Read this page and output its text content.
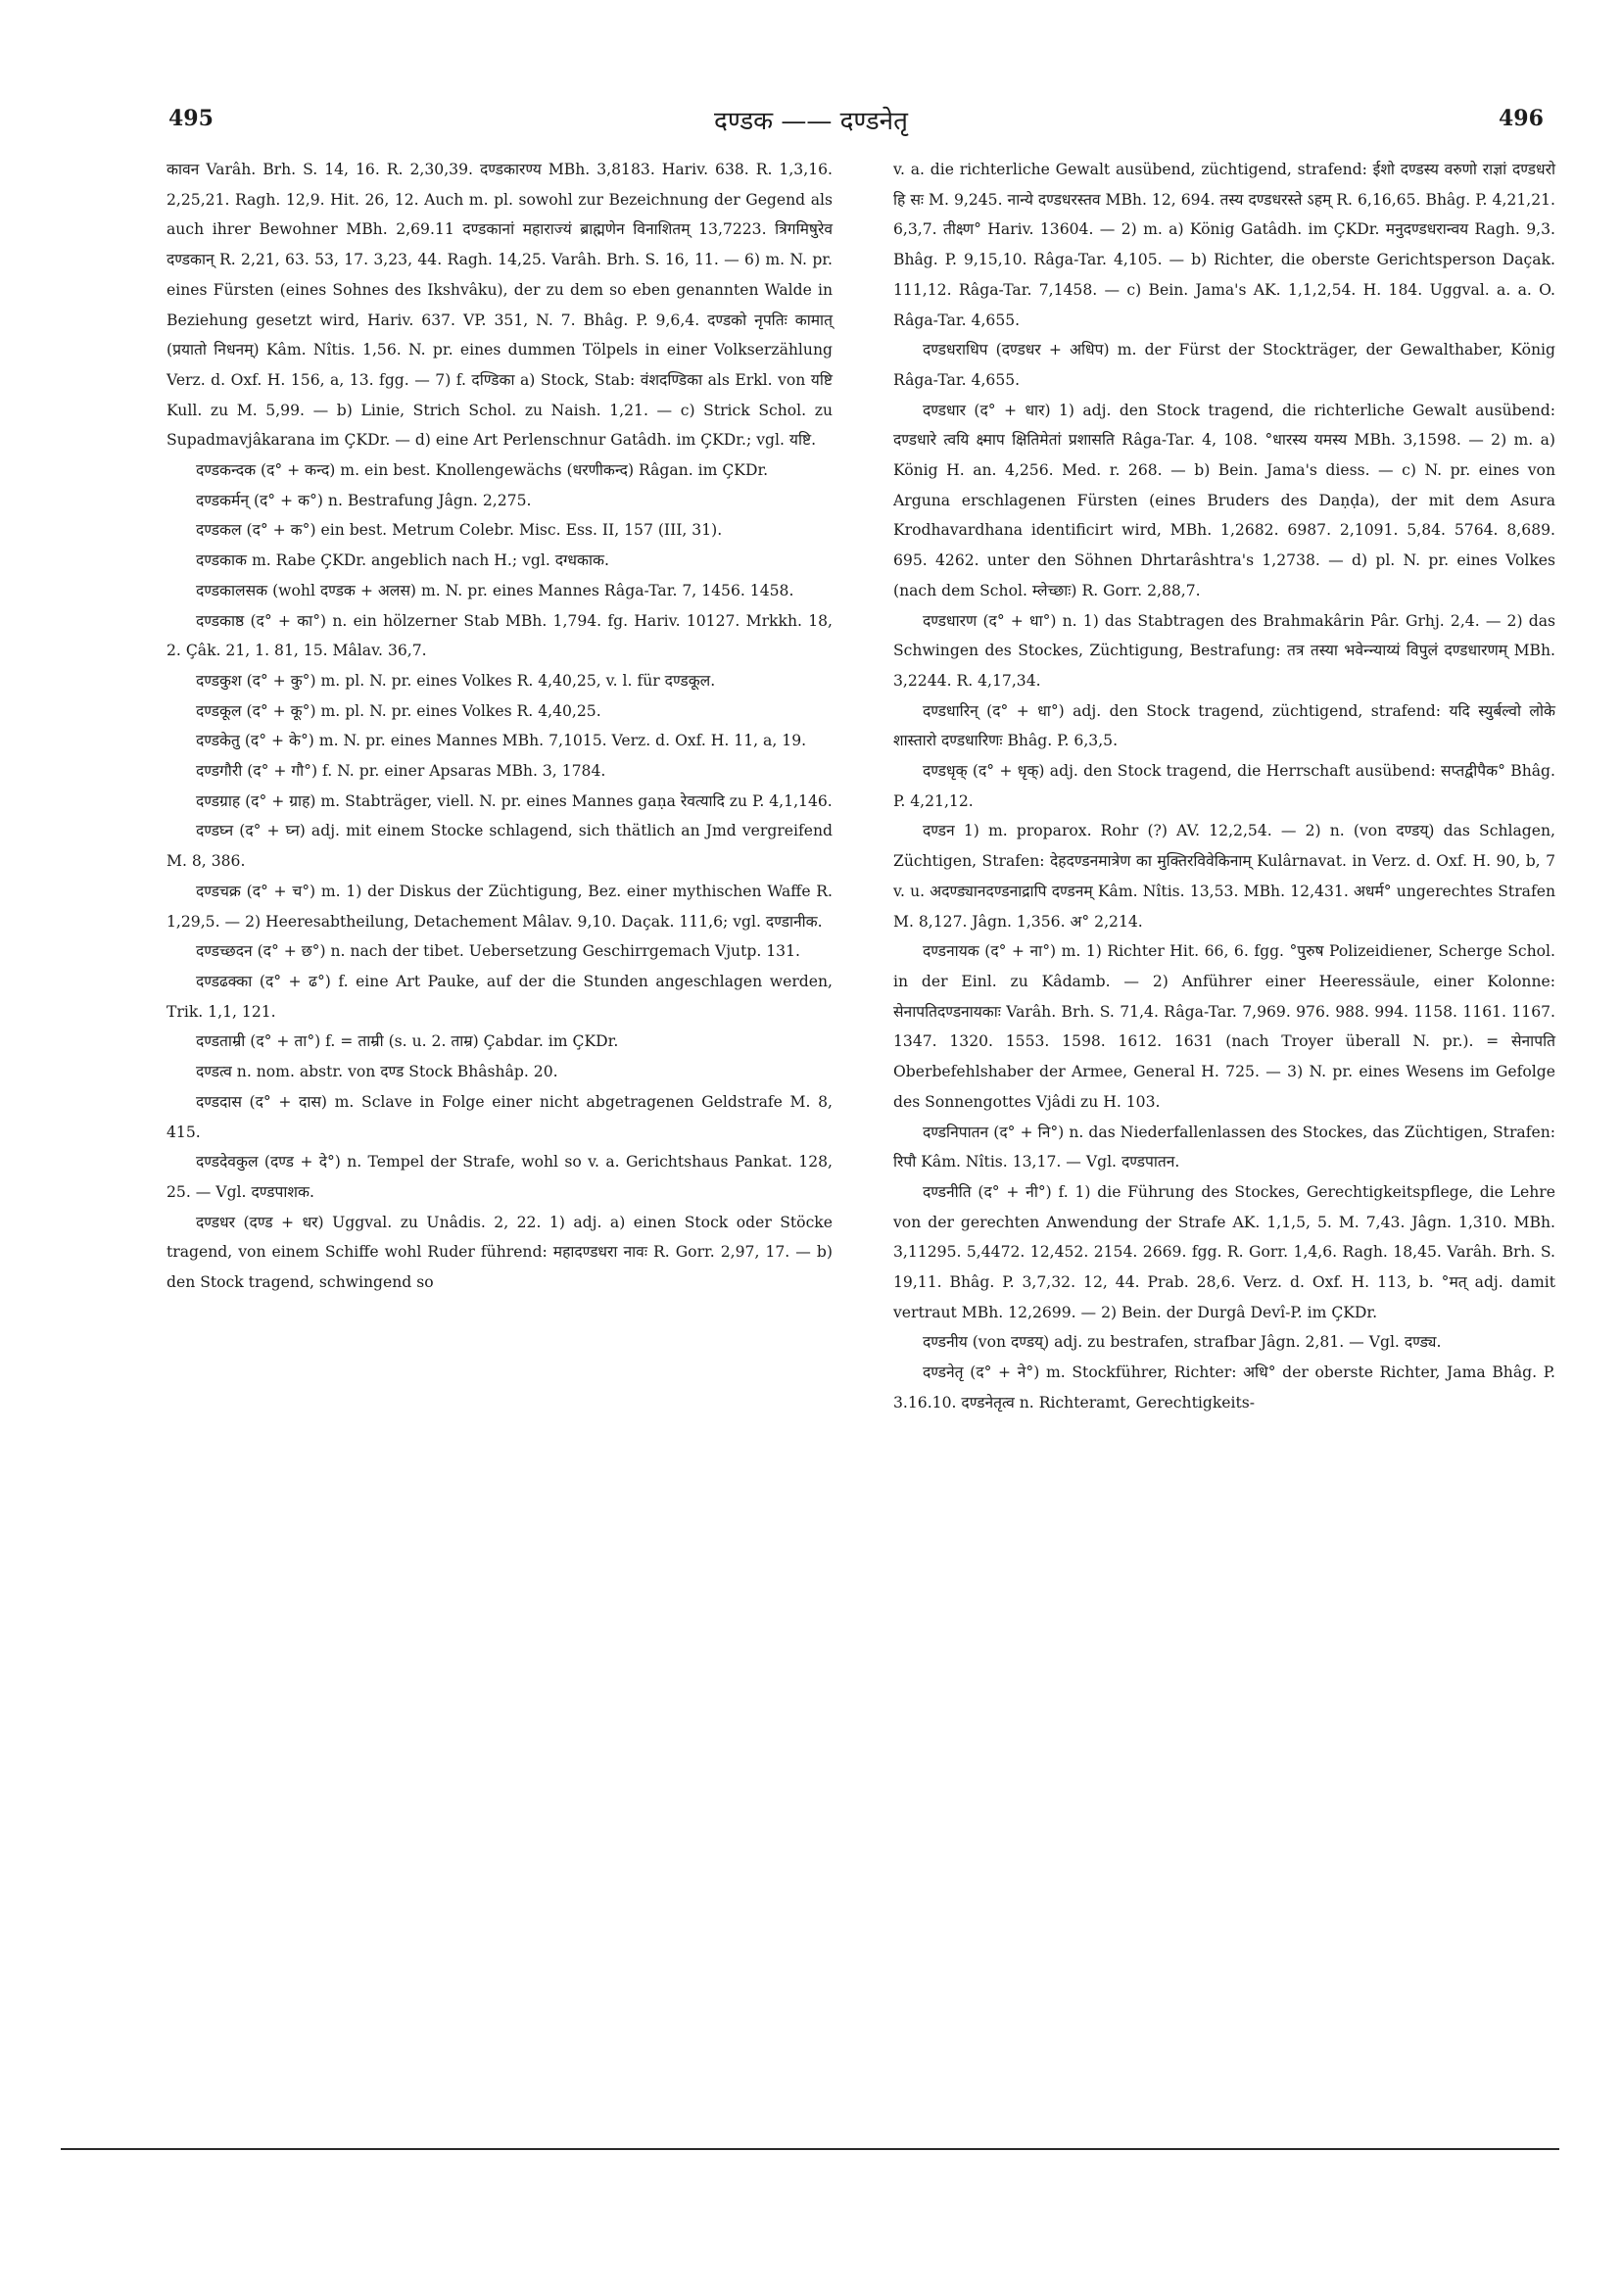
495	दण्डक —— दण्डनेतृ	496

कावन Varâh. Brh. S. 14, 16. R. 2,30,39. दण्डकारण्य MBh. 3,8183. Hariv. 638. R. 1,3,16. 2,25,21. Ragh. 12,9. Hit. 26, 12. Auch m. pl. sowohl zur Bezeichnung der Gegend als auch ihrer Bewohner MBh. 2,69.11 दण्डकानां महाराज्यं ब्राह्मणेन विनाशितम् 13,7223. त्रिगमिषुरेव दण्डकान् R. 2,21, 63. 53, 17. 3,23, 44. Ragh. 14,25. Varâh. Brh. S. 16, 11. — 6) m. N. pr. eines Fürsten (eines Sohnes des Ikshvâku), der zu dem so eben genannten Walde in Beziehung gesetzt wird, Hariv. 637. VP. 351, N. 7. Bhâg. P. 9,6,4. दण्डको नृपतिः कामात् (प्रयातो निधनम्) Kâm. Nîtis. 1,56. N. pr. eines dummen Tölpels in einer Volkserzählung Verz. d. Oxf. H. 156, a, 13. fgg. — 7) f. दण्डिका a) Stock, Stab: वंशदण्डिका als Erkl. von यष्टि Kull. zu M. 5,99. — b) Linie, Strich Schol. zu Naish. 1,21. — c) Strick Schol. zu Supadmavjâkarana im ÇKDr. — d) eine Art Perlenschnur Gatâdh. im ÇKDr.; vgl. यष्टि.

दण्डकन्दक (द° + कन्द) m. ein best. Knollengewächs (धरणीकन्द) Râgan. im ÇKDr.

दण्डकर्मन् (द° + क°) n. Bestrafung Jâgn. 2,275.

दण्डकल (द° + क°) ein best. Metrum Colebr. Misc. Ess. II, 157 (III, 31).

दण्डकाक m. Rabe ÇKDr. angeblich nach H.; vgl. दग्धकाक.

दण्डकालसक (wohl दण्डक + अलस) m. N. pr. eines Mannes Râga-Tar. 7, 1456. 1458.

दण्डकाष्ठ (द° + का°) n. ein hölzerner Stab MBh. 1,794. fg. Hariv. 10127. Mrkkh. 18, 2. Çâk. 21, 1. 81, 15. Mâlav. 36,7.

दण्डकुश (द° + कु°) m. pl. N. pr. eines Volkes R. 4,40,25, v. l. für दण्डकूल.

दण्डकूल (द° + कू°) m. pl. N. pr. eines Volkes R. 4,40,25.

दण्डकेतु (द° + के°) m. N. pr. eines Mannes MBh. 7,1015. Verz. d. Oxf. H. 11, a, 19.

दण्डगौरी (द° + गौ°) f. N. pr. einer Apsaras MBh. 3, 1784.

दण्डग्राह (द° + ग्राह) m. Stabträger, viell. N. pr. eines Mannes gaṇa रेवत्यादि zu P. 4,1,146.

दण्डघ्न (द° + घ्न) adj. mit einem Stocke schlagend, sich thätlich an Jmd vergreifend M. 8, 386.

दण्डचक्र (द° + च°) m. 1) der Diskus der Züchtigung, Bez. einer mythischen Waffe R. 1,29,5. — 2) Heeresabtheilung, Detachement Mâlav. 9,10. Daçak. 111,6; vgl. दण्डानीक.

दण्डच्छदन (द° + छ°) n. nach der tibet. Uebersetzung Geschirrgemach Vjutp. 131.

दण्डढक्का (द° + ढ°) f. eine Art Pauke, auf der die Stunden angeschlagen werden, Trik. 1,1, 121.

दण्डताम्री (द° + ता°) f. = ताम्री (s. u. 2. ताम्र) Çabdar. im ÇKDr.

दण्डत्व n. nom. abstr. von दण्ड Stock Bhâshâp. 20.

दण्डदास (द° + दास) m. Sclave in Folge einer nicht abgetragenen Geldstrafe M. 8, 415.

दण्डदेवकुल (दण्ड + दे°) n. Tempel der Strafe, wohl so v. a. Gerichtshaus Pankat. 128, 25. — Vgl. दण्डपाशक.

दण्डधर (दण्ड + धर) Uggval. zu Unâdis. 2, 22. 1) adj. a) einen Stock oder Stöcke tragend, von einem Schiffe wohl Ruder führend: महादण्डधरा नावः R. Gorr. 2,97, 17. — b) den Stock tragend, schwingend so

v. a. die richterliche Gewalt ausübend, züchtigend, strafend: ईशो दण्डस्य वरुणो राज्ञां दण्डधरो हि सः M. 9,245. नान्ये दण्डधरस्तव MBh. 12, 694. तस्य दण्डधरस्ते ऽहम् R. 6,16,65. Bhâg. P. 4,21,21. 6,3,7. तीक्ष्ण° Hariv. 13604. — 2) m. a) König Gatâdh. im ÇKDr. मनुदण्डधरान्वय Ragh. 9,3. Bhâg. P. 9,15,10. Râga-Tar. 4,105. — b) Richter, die oberste Gerichtsperson Daçak. 111,12. Râga-Tar. 7,1458. — c) Bein. Jama's AK. 1,1,2,54. H. 184. Uggval. a. a. O. Râga-Tar. 4,655.

दण्डधराधिप (दण्डधर + अधिप) m. der Fürst der Stockträger, der Gewalthaber, König Râga-Tar. 4,655.

दण्डधार (द° + धार) 1) adj. den Stock tragend, die richterliche Gewalt ausübend: दण्डधारे त्वयि क्ष्माप क्षितिमेतां प्रशासति Râga-Tar. 4, 108. °धारस्य यमस्य MBh. 3,1598. — 2) m. a) König H. an. 4,256. Med. r. 268. — b) Bein. Jama's diess. — c) N. pr. eines von Arguna erschlagenen Fürsten (eines Bruders des Daṇḍa), der mit dem Asura Krodhavardhana identificirt wird, MBh. 1,2682. 6987. 2,1091. 5,84. 5764. 8,689. 695. 4262. unter den Söhnen Dhrtarâshtra's 1,2738. — d) pl. N. pr. eines Volkes (nach dem Schol. म्लेच्छाः) R. Gorr. 2,88,7.

दण्डधारण (द° + धा°) n. 1) das Stabtragen des Brahmakârin Pâr. Grhj. 2,4. — 2) das Schwingen des Stockes, Züchtigung, Bestrafung: तत्र तस्या भवेन्न्याय्यं विपुलं दण्डधारणम् MBh. 3,2244. R. 4,17,34.

दण्डधारिन् (द° + धा°) adj. den Stock tragend, züchtigend, strafend: यदि स्युर्बल्वो लोके शास्तारो दण्डधारिणः Bhâg. P. 6,3,5.

दण्डधृक् (द° + धृक्) adj. den Stock tragend, die Herrschaft ausübend: सप्तद्वीपैक° Bhâg. P. 4,21,12.

दण्डन 1) m. proparox. Rohr (?) AV. 12,2,54. — 2) n. (von दण्डय्) das Schlagen, Züchtigen, Strafen: देहदण्डनमात्रेण का मुक्तिरविवेकिनाम् Kulârnavat. in Verz. d. Oxf. H. 90, b, 7 v. u. अदण्ड्यानदण्डनाद्रापि दण्डनम् Kâm. Nîtis. 13,53. MBh. 12,431. अधर्म° ungerechtes Strafen M. 8,127. Jâgn. 1,356. अ° 2,214.

दण्डनायक (द° + ना°) m. 1) Richter Hit. 66, 6. fgg. °पुरुष Polizeidiener, Scherge Schol. in der Einl. zu Kâdamb. — 2) Anführer einer Heeressäule, einer Kolonne: सेनापतिदण्डनायकाः Varâh. Brh. S. 71,4. Râga-Tar. 7,969. 976. 988. 994. 1158. 1161. 1167. 1347. 1320. 1553. 1598. 1612. 1631 (nach Troyer überall N. pr.). = सेनापति Oberbefehlshaber der Armee, General H. 725. — 3) N. pr. eines Wesens im Gefolge des Sonnengottes Vjâdi zu H. 103.

दण्डनिपातन (द° + नि°) n. das Niederfallenlassen des Stockes, das Züchtigen, Strafen: रिपौ Kâm. Nîtis. 13,17. — Vgl. दण्डपातन.

दण्डनीति (द° + नी°) f. 1) die Führung des Stockes, Gerechtigkeitspflege, die Lehre von der gerechten Anwendung der Strafe AK. 1,1,5, 5. M. 7,43. Jâgn. 1,310. MBh. 3,11295. 5,4472. 12,452. 2154. 2669. fgg. R. Gorr. 1,4,6. Ragh. 18,45. Varâh. Brh. S. 19,11. Bhâg. P. 3,7,32. 12, 44. Prab. 28,6. Verz. d. Oxf. H. 113, b. °मत् adj. damit vertraut MBh. 12,2699. — 2) Bein. der Durgâ Devî-P. im ÇKDr.

दण्डनीय (von दण्डय्) adj. zu bestrafen, strafbar Jâgn. 2,81. — Vgl. दण्ड्य.

दण्डनेतृ (द° + ने°) m. Stockführer, Richter: अधि° der oberste Richter, Jama Bhâg. P. 3.16.10. दण्डनेतृत्व n. Richteramt, Gerechtigkeits-
